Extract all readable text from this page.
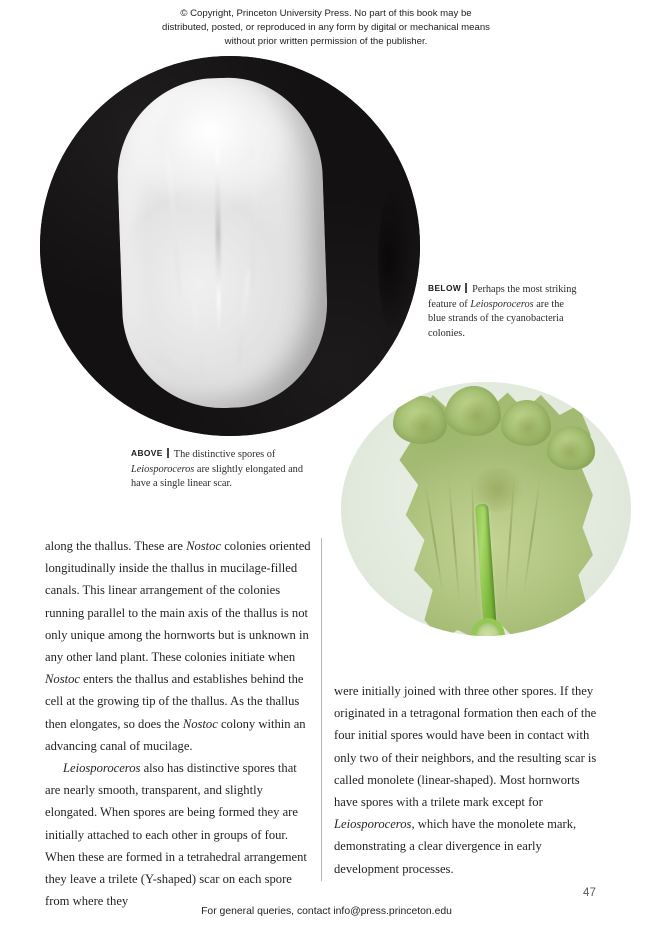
© Copyright, Princeton University Press. No part of this book may be distributed, posted, or reproduced in any form by digital or mechanical means without prior written permission of the publisher.
BELOW Perhaps the most striking feature of Leiosporoceros are the blue strands of the cyanobacteria colonies.
ABOVE The distinctive spores of Leiosporoceros are slightly elongated and have a single linear scar.

along the thallus. These are Nostoc colonies oriented longitudinally inside the thallus in mucilage-filled canals. This linear arrangement of the colonies running parallel to the main axis of the thallus is not only unique among the hornworts but is unknown in any other land plant. These colonies initiate when Nostoc enters the thallus and establishes behind the cell at the growing tip of the thallus. As the thallus then elongates, so does the Nostoc colony within an advancing canal of mucilage.

Leiosporoceros also has distinctive spores that are nearly smooth, transparent, and slightly elongated. When spores are being formed they are initially attached to each other in groups of four. When these are formed in a tetrahedral arrangement they leave a trilete (Y-shaped) scar on each spore from where they

were initially joined with three other spores. If they originated in a tetragonal formation then each of the four initial spores would have been in contact with only two of their neighbors, and the resulting scar is called monolete (linear-shaped). Most hornworts have spores with a trilete mark except for Leiosporoceros, which have the monolete mark, demonstrating a clear divergence in early development processes.

47
For general queries, contact info@press.princeton.edu
